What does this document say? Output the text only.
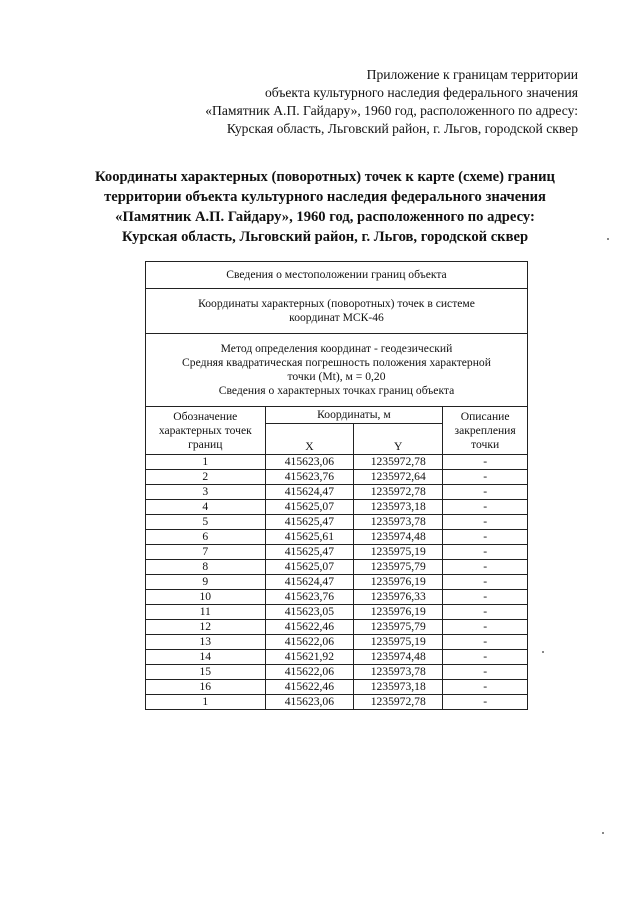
Приложение к границам территории
объекта культурного наследия федерального значения
«Памятник А.П. Гайдару», 1960 год, расположенного по адресу:
Курская область, Льговский район, г. Льгов, городской сквер
Координаты характерных (поворотных) точек к карте (схеме) границ
территории объекта культурного наследия федерального значения
«Памятник А.П. Гайдару», 1960 год, расположенного по адресу:
Курская область, Льговский район, г. Льгов, городской сквер
Сведения о местоположении границ объекта			

Координаты характерных (поворотных) точек в системе
координат МСК-46			

Метод определения координат - геодезический
Средняя квадратическая погрешность положения характерной
точки (Mt), м = 0,20
Сведения о характерных точках границ объекта			

Обозначение
характерных точек
границ	Координаты, м		Описание
закрепления
точки

	X	Y	
1	415623,06	1235972,78	-
2	415623,76	1235972,64	-
3	415624,47	1235972,78	-
4	415625,07	1235973,18	-
5	415625,47	1235973,78	-
6	415625,61	1235974,48	-
7	415625,47	1235975,19	-
8	415625,07	1235975,79	-
9	415624,47	1235976,19	-
10	415623,76	1235976,33	-
11	415623,05	1235976,19	-
12	415622,46	1235975,79	-
13	415622,06	1235975,19	-
14	415621,92	1235974,48	-
15	415622,06	1235973,78	-
16	415622,46	1235973,18	-
1	415623,06	1235972,78	-
